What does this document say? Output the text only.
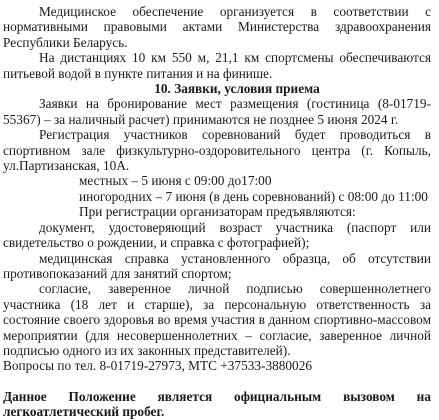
Медицинское обеспечение организуется в соответствии с нормативными правовыми актами Министерства здравоохранения Республики Беларусь.

На дистанциях 10 км 550 м, 21,1 км спортсмены обеспечиваются питьевой водой в пункте питания и на финише.

10. Заявки, условия приема

Заявки на бронирование мест размещения (гостиница (8-01719-55367) – за наличный расчет) принимаются не позднее 5 июня 2024 г.

Регистрация участников соревнований будет проводиться в спортивном зале физкультурно-оздоровительного центра (г. Копыль, ул.Партизанская, 10А.

местных – 5 июня с 09:00 до17:00

иногородних – 7 июня (в день соревнований) с 08:00 до 11:00

При регистрации организаторам предъявляются:

документ, удостоверяющий возраст участника (паспорт или свидетельство о рождении, и справка с фотографией);

медицинская справка установленного образца, об отсутствии противопоказаний для занятий спортом;

согласие, заверенное личной подписью совершеннолетнего участника (18 лет и старше), за персональную ответственность за состояние своего здоровья во время участия в данном спортивно-массовом мероприятии (для несовершеннолетних – согласие, заверенное личной подписью одного из их законных представителей).

Вопросы по тел. 8-01719-27973, МТС +37533-3880026

Данное Положение является официальным вызовом на

легкоатлетический пробег.
